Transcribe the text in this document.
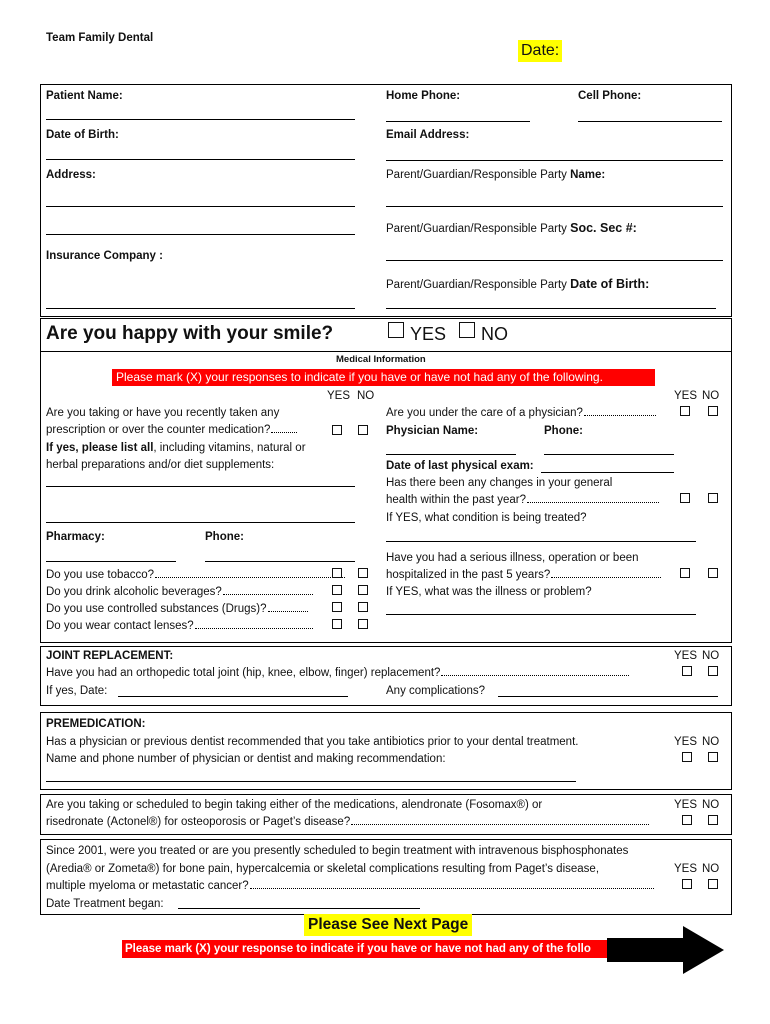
Team Family Dental
Date:
Patient Name:	Home Phone:	Cell Phone:
Date of Birth:	Email Address:
Address:	Parent/Guardian/Responsible Party Name:
Parent/Guardian/Responsible Party Soc. Sec #:
Insurance Company :
Parent/Guardian/Responsible Party Date of Birth:
Are you happy with your smile?	YES NO
Medical Information
Please mark (X) your responses to indicate if you have or have not had any of the following.
YES NO
Are you taking or have you recently taken any
prescription or over the counter medication?
If yes, please list all, including vitamins, natural or
herbal preparations and/or diet supplements:
Pharmacy:	Phone:
Do you use tobacco?
Do you drink alcoholic beverages?
Do you use controlled substances (Drugs)?
Do you wear contact lenses?
YES NO
Are you under the care of a physician?
Physician Name:	Phone:
Date of last physical exam:
Has there been any changes in your general
health within the past year?
If YES, what condition is being treated?
Have you had a serious illness, operation or been
hospitalized in the past 5 years?
If YES, what was the illness or problem?
JOINT REPLACEMENT:	YES NO
Have you had an orthopedic total joint (hip, knee, elbow, finger) replacement?
If yes, Date:	Any complications?
PREMEDICATION:
Has a physician or previous dentist recommended that you take antibiotics prior to your dental treatment.	YES NO
Name and phone number of physician or dentist and making recommendation:
Are you taking or scheduled to begin taking either of the medications, alendronate (Fosomax®) or	YES NO
risedronate (Actonel®) for osteoporosis or Paget’s disease?
Since 2001, were you treated or are you presently scheduled to begin treatment with intravenous bisphosphonates
(Aredia® or Zometa®) for bone pain, hypercalcemia or skeletal complications resulting from Paget’s disease,	YES NO
multiple myeloma or metastatic cancer?
Date Treatment began:
Please See Next Page
Please mark (X) your response to indicate if you have or have not had any of the follo
